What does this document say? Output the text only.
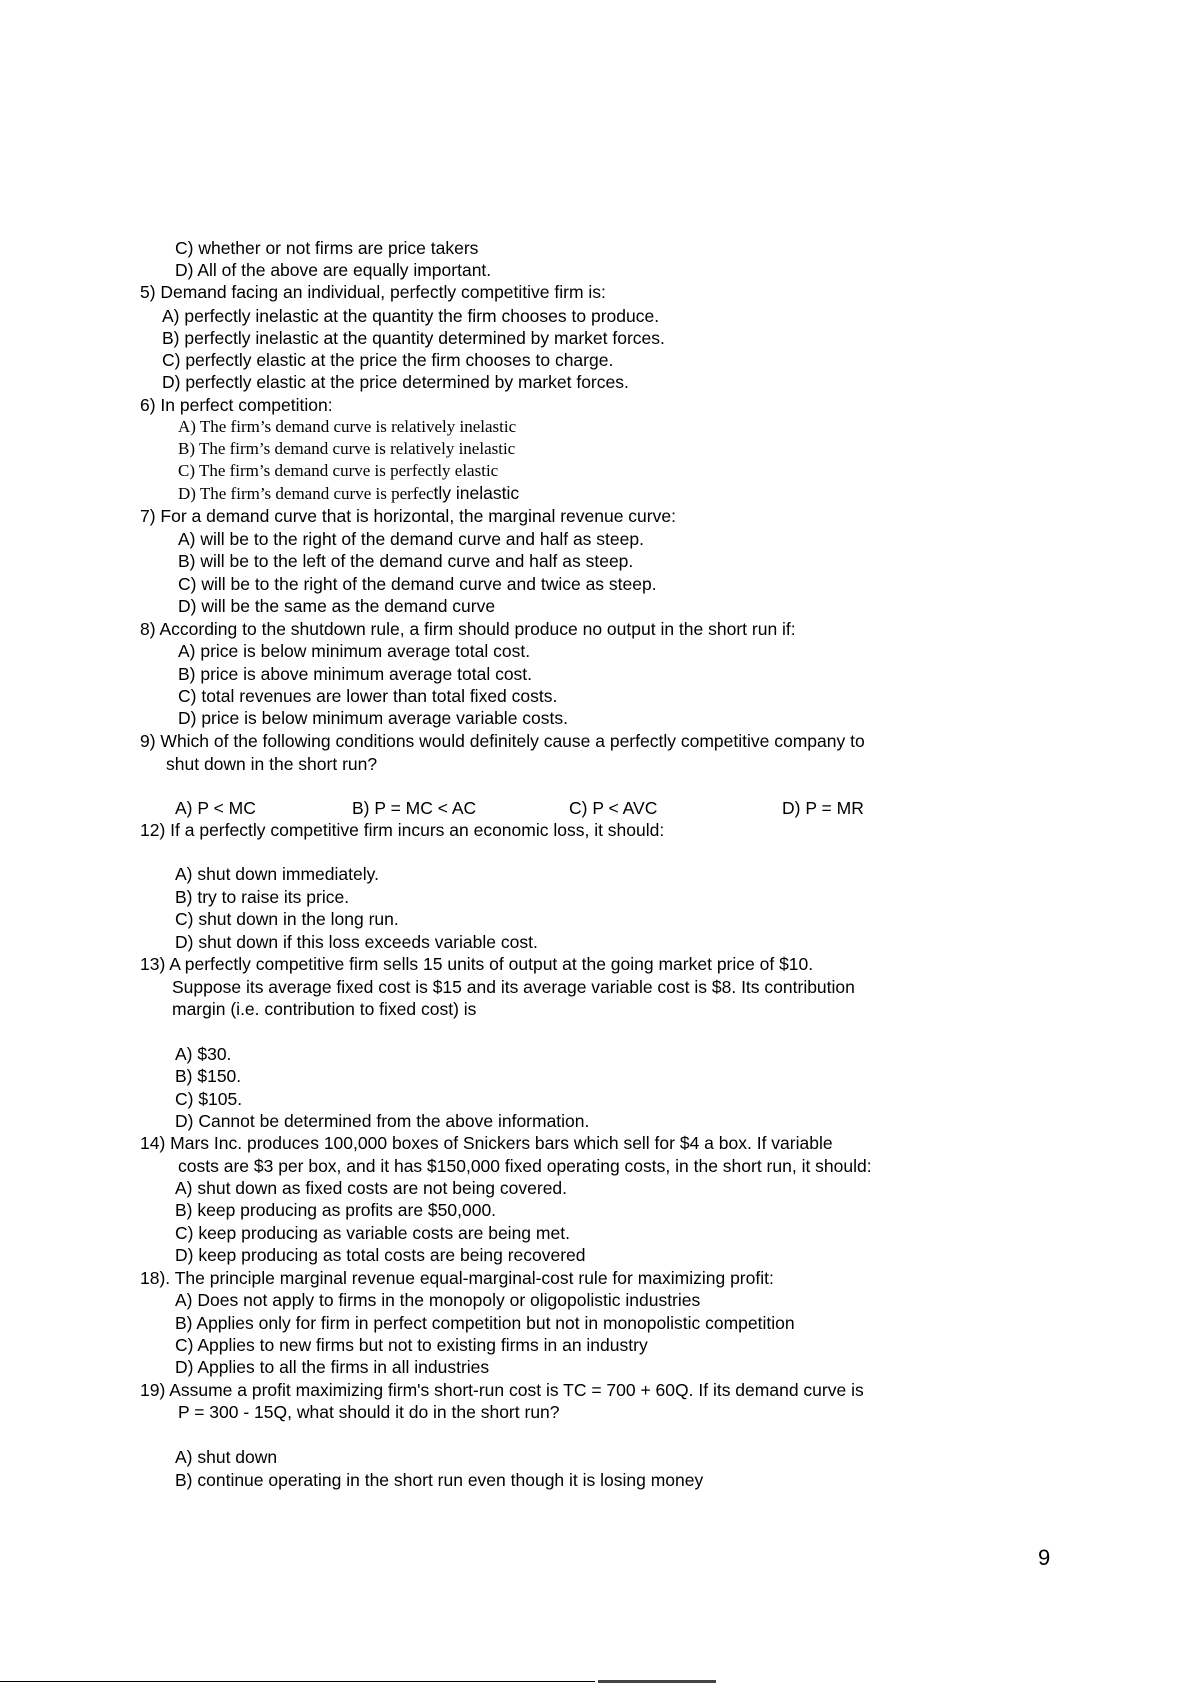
C) whether or not firms are price takers
D) All of the above are equally important.
5) Demand facing an individual, perfectly competitive firm is:
A) perfectly inelastic at the quantity the firm chooses to produce.
B) perfectly inelastic at the quantity determined by market forces.
C) perfectly elastic at the price the firm chooses to charge.
D) perfectly elastic at the price determined by market forces.
6) In perfect competition:
A) The firm’s demand curve is relatively inelastic
B) The firm’s demand curve is relatively inelastic
C) The firm’s demand curve is perfectly elastic
D) The firm’s demand curve is perfectly inelastic
7) For a demand curve that is horizontal, the marginal revenue curve:
A) will be to the right of the demand curve and half as steep.
B) will be to the left of the demand curve and half as steep.
C) will be to the right of the demand curve and twice as steep.
D) will be the same as the demand curve
8) According to the shutdown rule, a firm should produce no output in the short run if:
A) price is below minimum average total cost.
B) price is above minimum average total cost.
C) total revenues are lower than total fixed costs.
D) price is below minimum average variable costs.
9) Which of the following conditions would definitely cause a perfectly competitive company to
shut down in the short run?
A) P < MC	B) P = MC < AC	C) P < AVC	D) P = MR
12) If a perfectly competitive firm incurs an economic loss, it should:
A) shut down immediately.
B) try to raise its price.
C) shut down in the long run.
D) shut down if this loss exceeds variable cost.
13) A perfectly competitive firm sells 15 units of output at the going market price of $10.
Suppose its average fixed cost is $15 and its average variable cost is $8. Its contribution
margin (i.e. contribution to fixed cost) is
A) $30.
B) $150.
C) $105.
D) Cannot be determined from the above information.
14) Mars Inc. produces 100,000 boxes of Snickers bars which sell for $4 a box. If variable
costs are $3 per box, and it has $150,000 fixed operating costs, in the short run, it should:
A) shut down as fixed costs are not being covered.
B) keep producing as profits are $50,000.
C) keep producing as variable costs are being met.
D) keep producing as total costs are being recovered
18). The principle marginal revenue equal-marginal-cost rule for maximizing profit:
A) Does not apply to firms in the monopoly or oligopolistic industries
B) Applies only for firm in perfect competition but not in monopolistic competition
C) Applies to new firms but not to existing firms in an industry
D) Applies to all the firms in all industries
19) Assume a profit maximizing firm's short-run cost is TC = 700 + 60Q. If its demand curve is
P = 300 - 15Q, what should it do in the short run?
A) shut down
B) continue operating in the short run even though it is losing money
9
